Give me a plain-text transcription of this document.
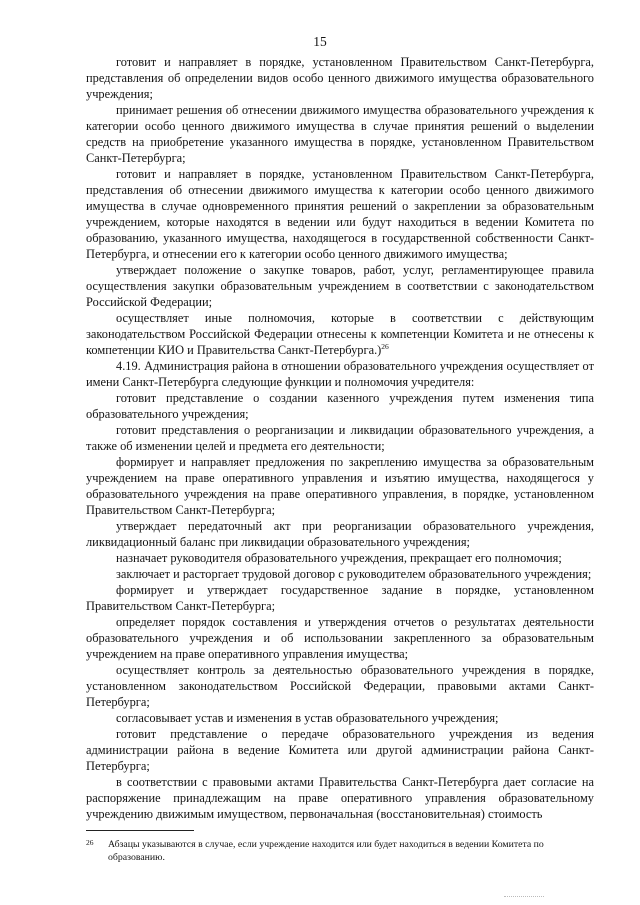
15

готовит и направляет в порядке, установленном Правительством Санкт-Петербурга, представления об определении видов особо ценного движимого имущества образовательного учреждения;

принимает решения об отнесении движимого имущества образовательного учреждения к категории особо ценного движимого имущества в случае принятия решений о выделении средств на приобретение указанного имущества в порядке, установленном Правительством Санкт-Петербурга;

готовит и направляет в порядке, установленном Правительством Санкт-Петербурга, представления об отнесении движимого имущества к категории особо ценного движимого имущества в случае одновременного принятия решений о закреплении за образовательным учреждением, которые находятся в ведении или будут находиться в ведении Комитета по образованию, указанного имущества, находящегося в государственной собственности Санкт-Петербурга, и отнесении его к категории особо ценного движимого имущества;

утверждает положение о закупке товаров, работ, услуг, регламентирующее правила осуществления закупки образовательным учреждением в соответствии с законодательством Российской Федерации;

осуществляет иные полномочия, которые в соответствии с действующим законодательством Российской Федерации отнесены к компетенции Комитета и не отнесены к компетенции КИО и Правительства Санкт-Петербурга.)$^{26}$

4.19. Администрация района в отношении образовательного учреждения осуществляет от имени Санкт-Петербурга следующие функции и полномочия учредителя:

готовит представление о создании казенного учреждения путем изменения типа образовательного учреждения;

готовит представления о реорганизации и ликвидации образовательного учреждения, а также об изменении целей и предмета его деятельности;

формирует и направляет предложения по закреплению имущества за образовательным учреждением на праве оперативного управления и изъятию имущества, находящегося у образовательного учреждения на праве оперативного управления, в порядке, установленном Правительством Санкт-Петербурга;

утверждает передаточный акт при реорганизации образовательного учреждения, ликвидационный баланс при ликвидации образовательного учреждения;

назначает руководителя образовательного учреждения, прекращает его полномочия;

заключает и расторгает трудовой договор с руководителем образовательного учреждения;

формирует и утверждает государственное задание в порядке, установленном Правительством Санкт-Петербурга;

определяет порядок составления и утверждения отчетов о результатах деятельности образовательного учреждения и об использовании закрепленного за образовательным учреждением на праве оперативного управления имущества;

осуществляет контроль за деятельностью образовательного учреждения в порядке, установленном законодательством Российской Федерации, правовыми актами Санкт-Петербурга;

согласовывает устав и изменения в устав образовательного учреждения;

готовит представление о передаче образовательного учреждения из ведения администрации района в ведение Комитета или другой администрации района Санкт-Петербурга;

в соответствии с правовыми актами Правительства Санкт-Петербурга дает согласие на распоряжение принадлежащим на праве оперативного управления образовательному учреждению движимым имуществом, первоначальная (восстановительная) стоимость

26	Абзацы указываются в случае, если учреждение находится или будет находиться в ведении Комитета по образованию.
